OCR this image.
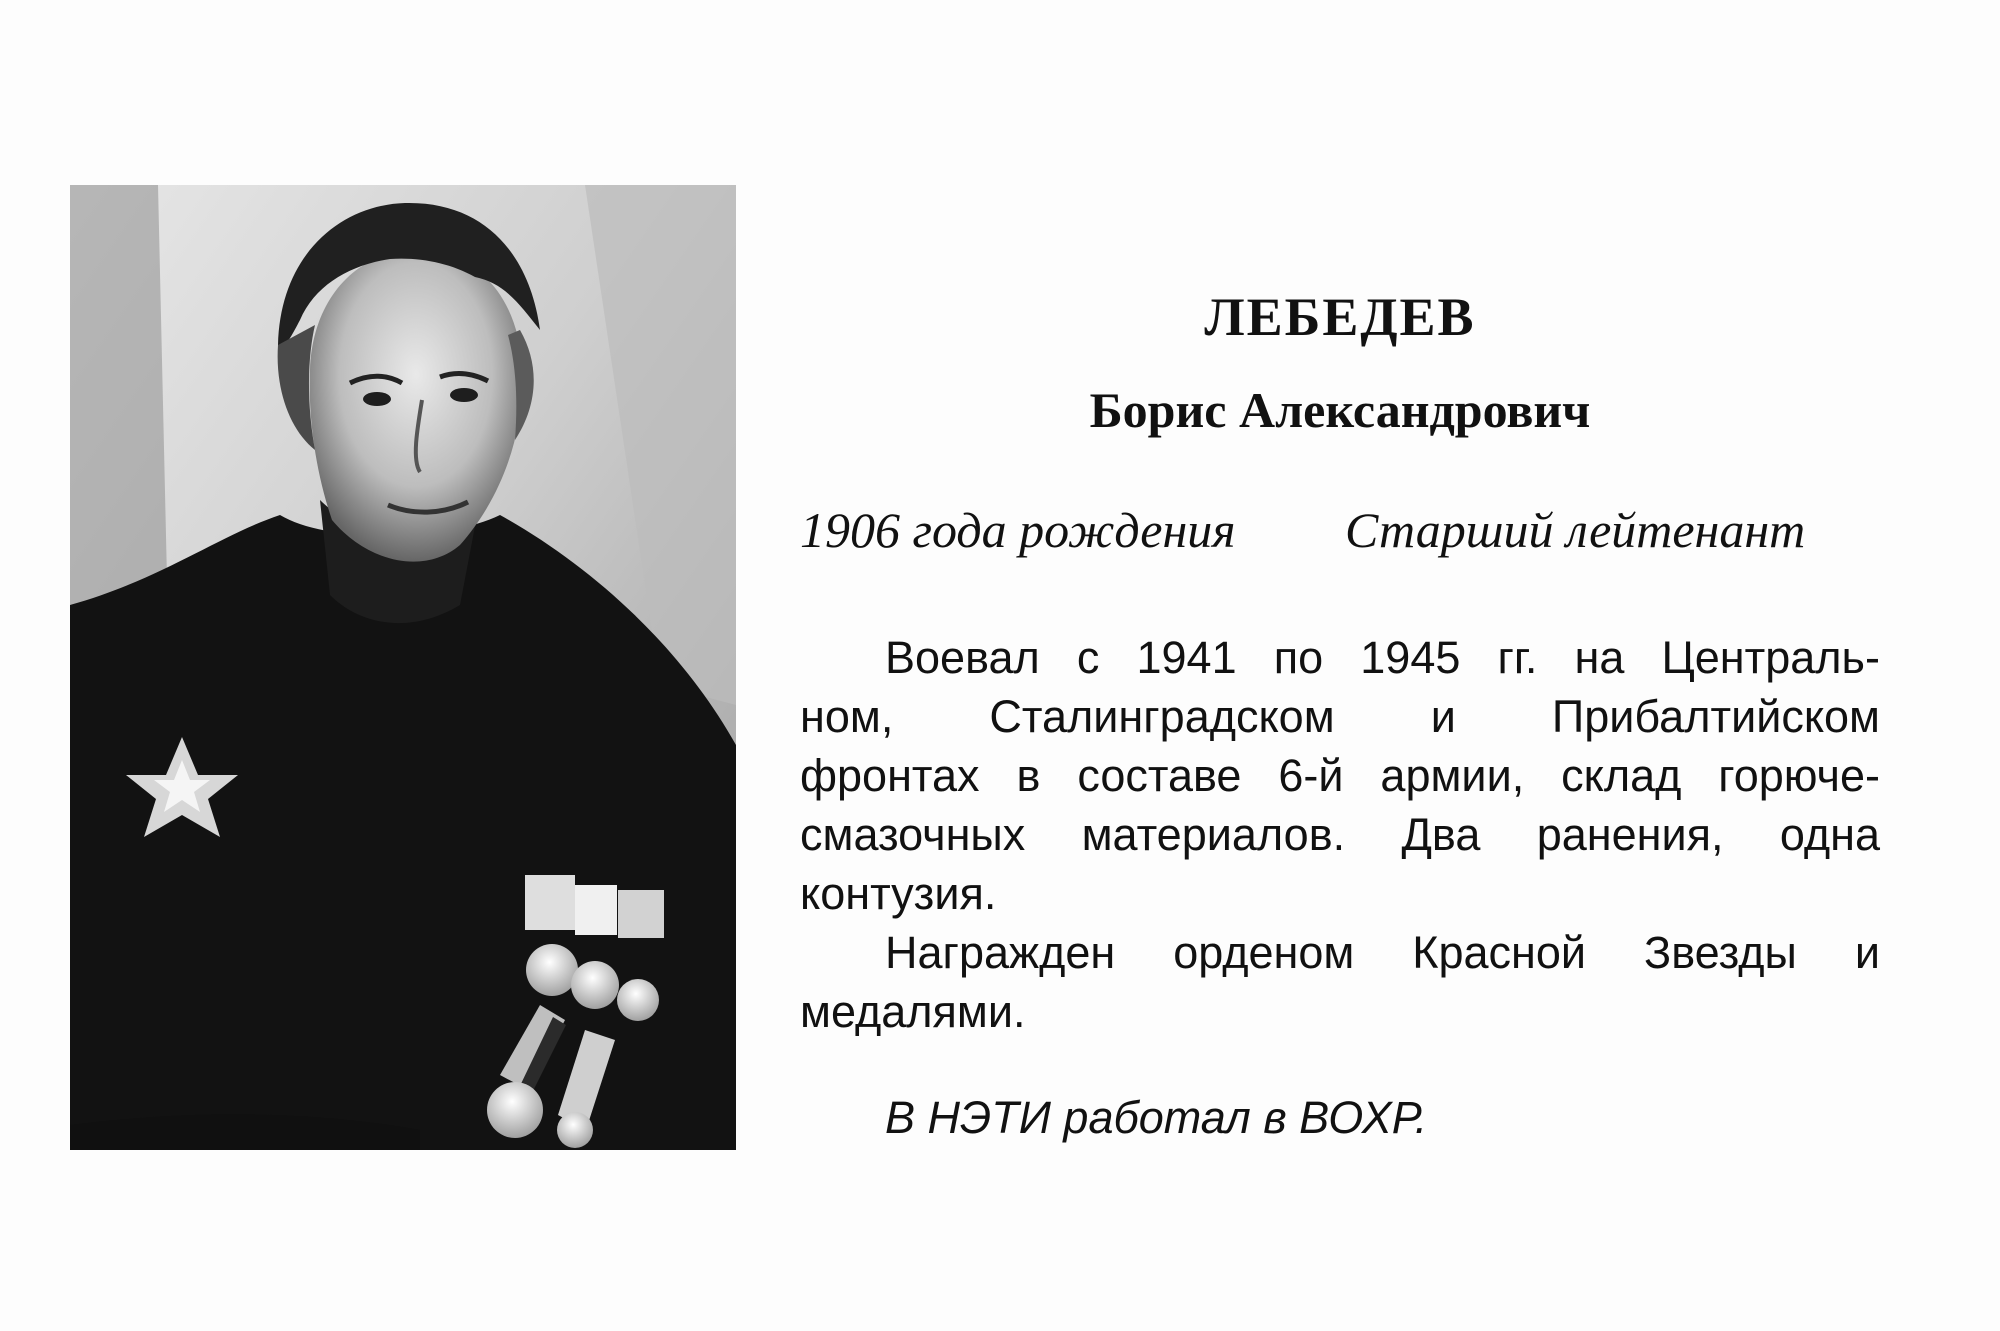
ЛЕБЕДЕВ
Борис Александрович
1906 года рождения Старший лейтенант
Воевал с 1941 по 1945 гг. на Централь-
ном, Сталинградском и Прибалтийском
фронтах в составе 6-й армии, склад горюче-
смазочных материалов. Два ранения, одна
контузия.
Награжден орденом Красной Звезды и
медалями.
В НЭТИ работал в ВОХР.
